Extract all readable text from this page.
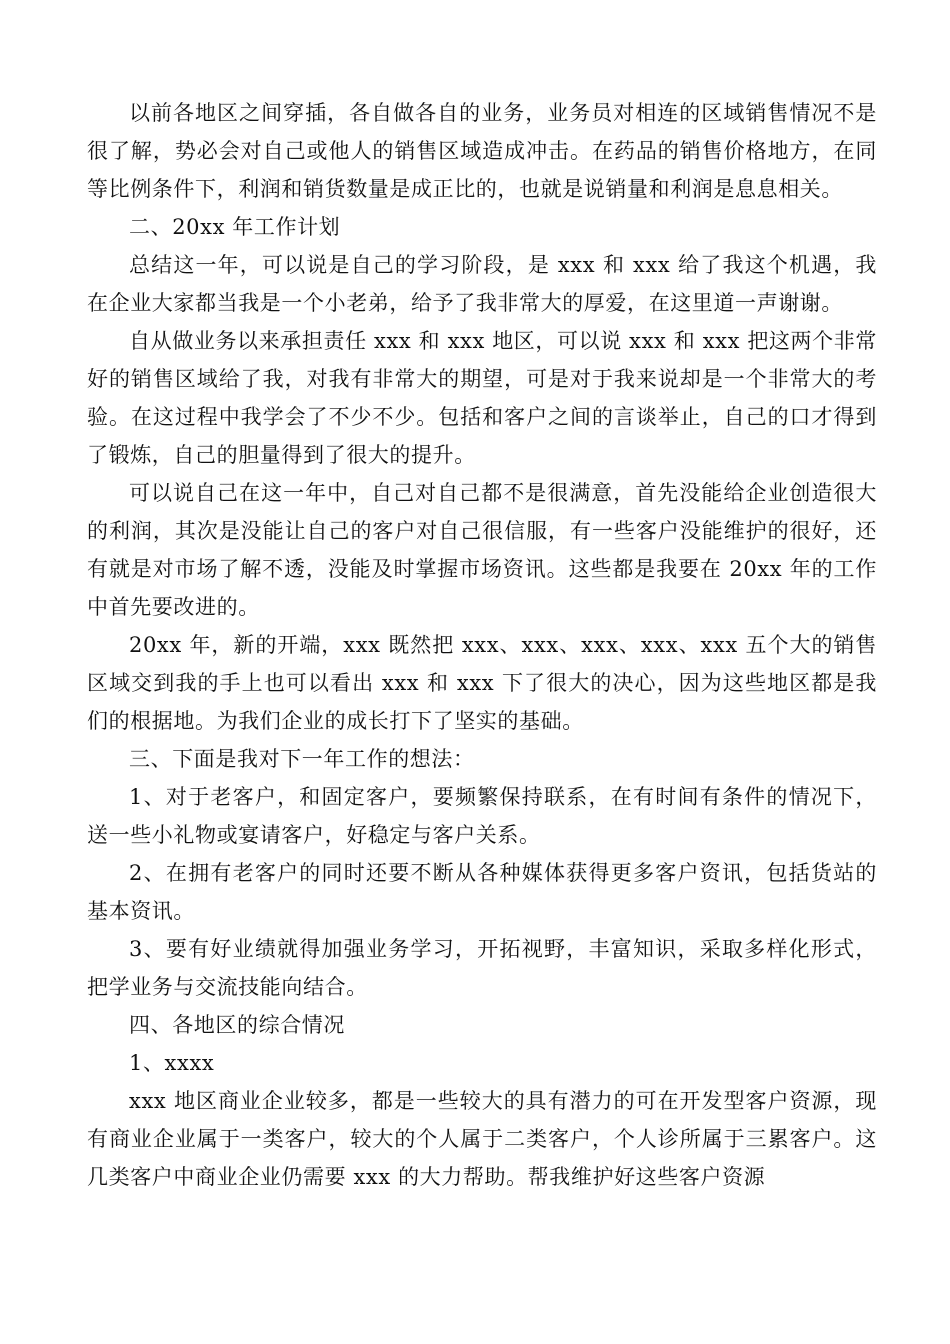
以前各地区之间穿插，各自做各自的业务，业务员对相连的区域销售情况不是很了解，势必会对自己或他人的销售区域造成冲击。在药品的销售价格地方，在同等比例条件下，利润和销货数量是成正比的，也就是说销量和利润是息息相关。

二、20xx 年工作计划

总结这一年，可以说是自己的学习阶段，是 xxx 和 xxx 给了我这个机遇，我在企业大家都当我是一个小老弟，给予了我非常大的厚爱，在这里道一声谢谢。

自从做业务以来承担责任 xxx 和 xxx 地区，可以说 xxx 和 xxx 把这两个非常好的销售区域给了我，对我有非常大的期望，可是对于我来说却是一个非常大的考验。在这过程中我学会了不少不少。包括和客户之间的言谈举止，自己的口才得到了锻炼，自己的胆量得到了很大的提升。

可以说自己在这一年中，自己对自己都不是很满意，首先没能给企业创造很大的利润，其次是没能让自己的客户对自己很信服，有一些客户没能维护的很好，还有就是对市场了解不透，没能及时掌握市场资讯。这些都是我要在 20xx 年的工作中首先要改进的。

20xx 年，新的开端，xxx 既然把 xxx、xxx、xxx、xxx、xxx 五个大的销售区域交到我的手上也可以看出 xxx 和 xxx 下了很大的决心，因为这些地区都是我们的根据地。为我们企业的成长打下了坚实的基础。

三、下面是我对下一年工作的想法：

1、对于老客户，和固定客户，要频繁保持联系，在有时间有条件的情况下，送一些小礼物或宴请客户，好稳定与客户关系。

2、在拥有老客户的同时还要不断从各种媒体获得更多客户资讯，包括货站的基本资讯。

3、要有好业绩就得加强业务学习，开拓视野，丰富知识，采取多样化形式，把学业务与交流技能向结合。

四、各地区的综合情况

1、xxxx

xxx 地区商业企业较多，都是一些较大的具有潜力的可在开发型客户资源，现有商业企业属于一类客户，较大的个人属于二类客户，个人诊所属于三累客户。这几类客户中商业企业仍需要 xxx 的大力帮助。帮我维护好这些客户资源
